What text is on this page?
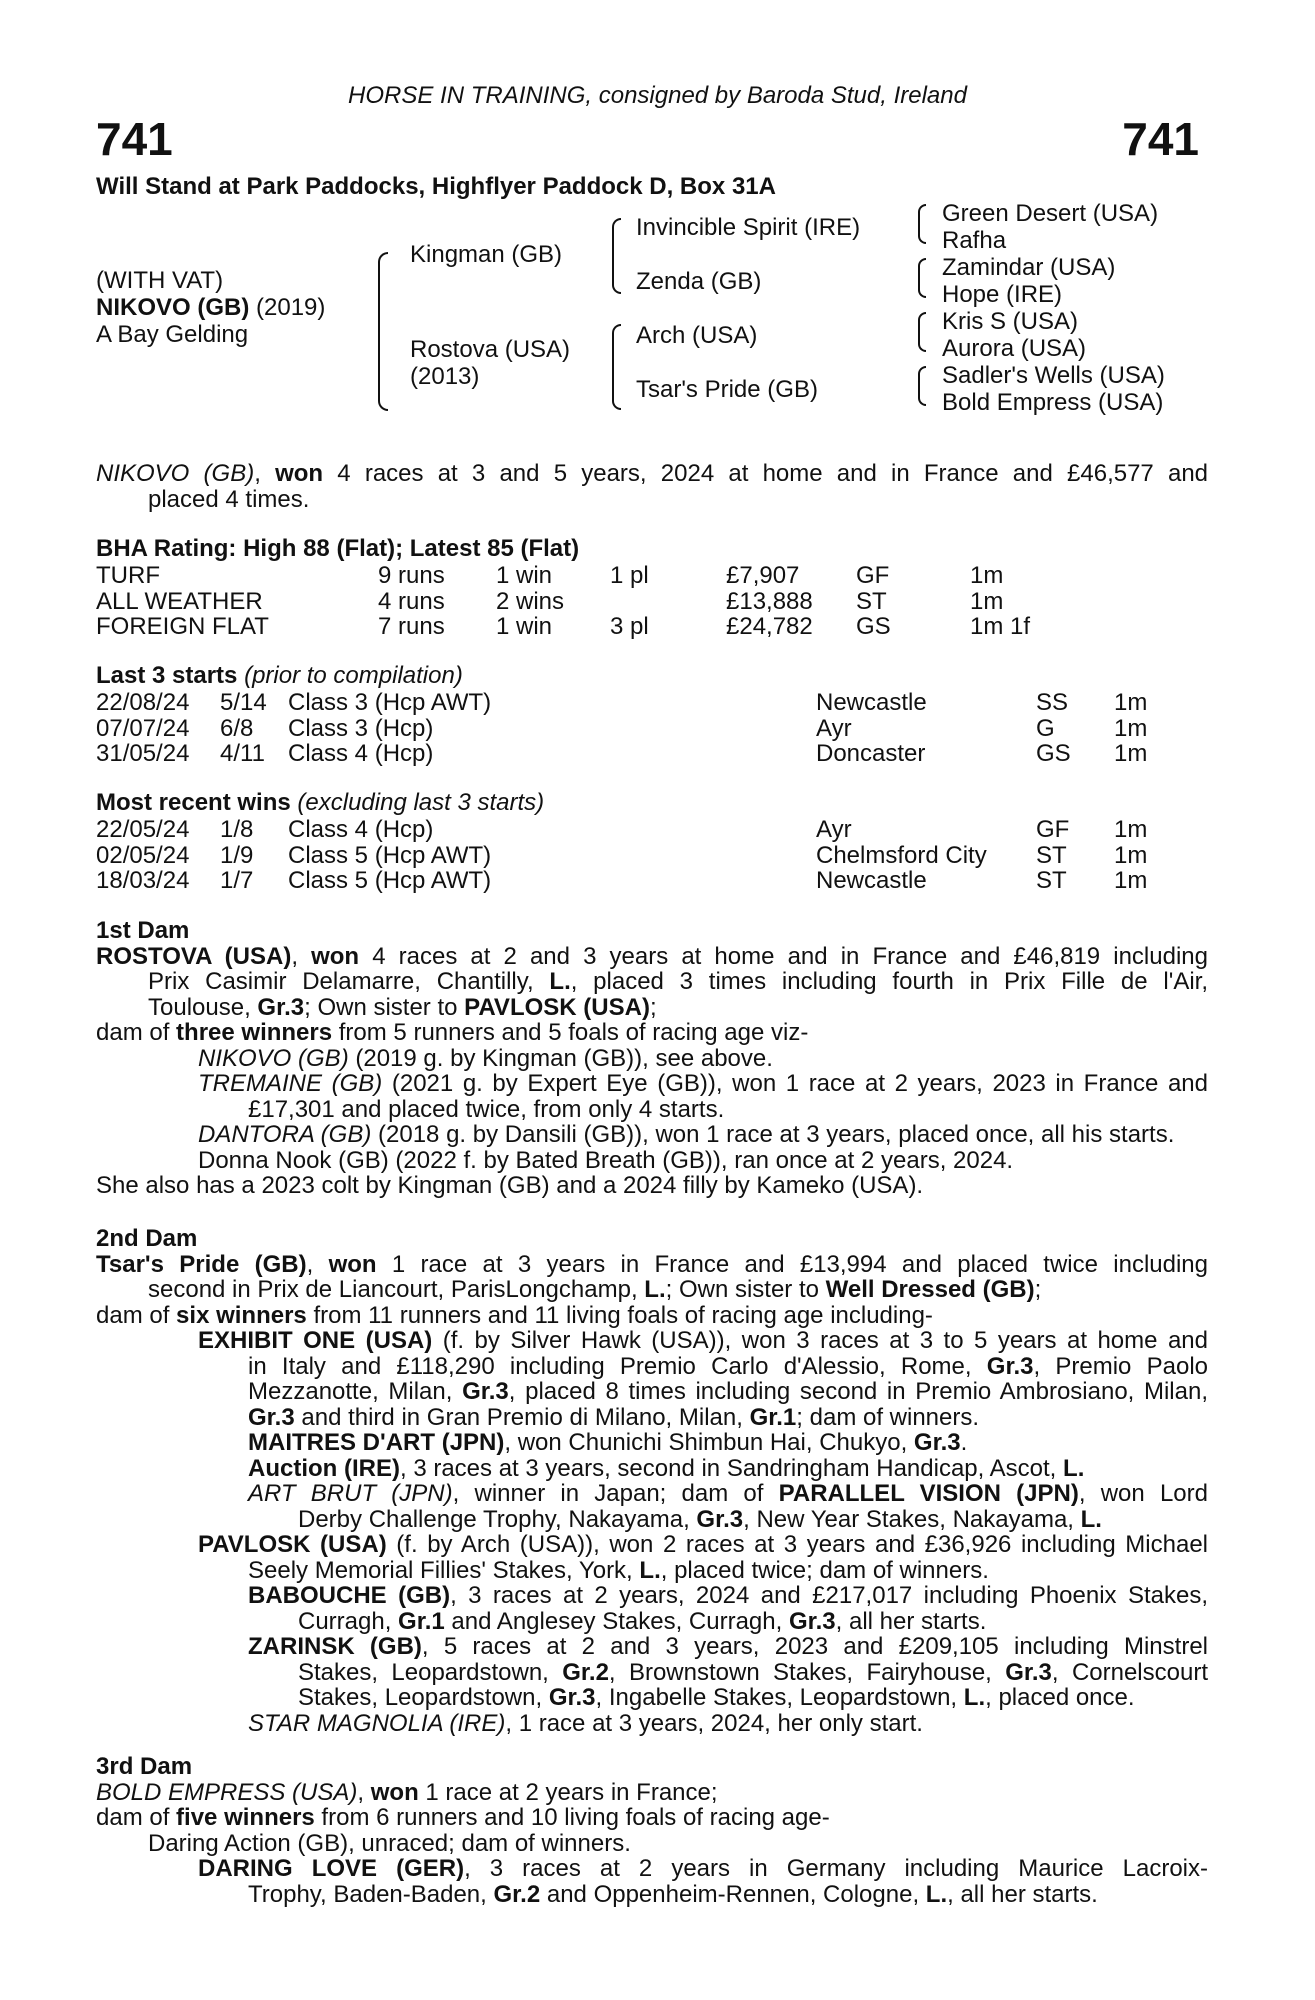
HORSE IN TRAINING, consigned by Baroda Stud, Ireland
741	741
Will Stand at Park Paddocks, Highflyer Paddock D, Box 31A
(WITH VAT)
NIKOVO (GB) (2019)
A Bay Gelding
Kingman (GB)
Rostova (USA)
(2013)
Invincible Spirit (IRE)
Zenda (GB)
Arch (USA)
Tsar's Pride (GB)
Green Desert (USA)
Rafha
Zamindar (USA)
Hope (IRE)
Kris S (USA)
Aurora (USA)
Sadler's Wells (USA)
Bold Empress (USA)
NIKOVO (GB), won 4 races at 3 and 5 years, 2024 at home and in France and £46,577 and
placed 4 times.
BHA Rating: High 88 (Flat); Latest 85 (Flat)
TURF	9 runs 1 win 1 pl	£7,907 GF	1m
ALL WEATHER	4 runs 2 wins	£13,888 ST	1m
FOREIGN FLAT	7 runs 1 win 3 pl	£24,782 GS	1m 1f
Last 3 starts (prior to compilation)
22/08/24 5/14 Class 3 (Hcp AWT)	Newcastle	SS 1m
07/07/24 6/8 Class 3 (Hcp)	Ayr	G 1m
31/05/24 4/11 Class 4 (Hcp)	Doncaster	GS 1m
Most recent wins (excluding last 3 starts)
22/05/24 1/8 Class 4 (Hcp)	Ayr	GF 1m
02/05/24 1/9 Class 5 (Hcp AWT)	Chelmsford City ST 1m
18/03/24 1/7 Class 5 (Hcp AWT)	Newcastle	ST 1m
1st Dam
ROSTOVA (USA), won 4 races at 2 and 3 years at home and in France and £46,819 including
Prix Casimir Delamarre, Chantilly, L., placed 3 times including fourth in Prix Fille de l'Air,
Toulouse, Gr.3; Own sister to PAVLOSK (USA);
dam of three winners from 5 runners and 5 foals of racing age viz-
NIKOVO (GB) (2019 g. by Kingman (GB)), see above.
TREMAINE (GB) (2021 g. by Expert Eye (GB)), won 1 race at 2 years, 2023 in France and
£17,301 and placed twice, from only 4 starts.
DANTORA (GB) (2018 g. by Dansili (GB)), won 1 race at 3 years, placed once, all his starts.
Donna Nook (GB) (2022 f. by Bated Breath (GB)), ran once at 2 years, 2024.
She also has a 2023 colt by Kingman (GB) and a 2024 filly by Kameko (USA).
2nd Dam
Tsar's Pride (GB), won 1 race at 3 years in France and £13,994 and placed twice including
second in Prix de Liancourt, ParisLongchamp, L.; Own sister to Well Dressed (GB);
dam of six winners from 11 runners and 11 living foals of racing age including-
EXHIBIT ONE (USA) (f. by Silver Hawk (USA)), won 3 races at 3 to 5 years at home and
in Italy and £118,290 including Premio Carlo d'Alessio, Rome, Gr.3, Premio Paolo
Mezzanotte, Milan, Gr.3, placed 8 times including second in Premio Ambrosiano, Milan,
Gr.3 and third in Gran Premio di Milano, Milan, Gr.1; dam of winners.
MAITRES D'ART (JPN), won Chunichi Shimbun Hai, Chukyo, Gr.3.
Auction (IRE), 3 races at 3 years, second in Sandringham Handicap, Ascot, L.
ART BRUT (JPN), winner in Japan; dam of PARALLEL VISION (JPN), won Lord
Derby Challenge Trophy, Nakayama, Gr.3, New Year Stakes, Nakayama, L.
PAVLOSK (USA) (f. by Arch (USA)), won 2 races at 3 years and £36,926 including Michael
Seely Memorial Fillies' Stakes, York, L., placed twice; dam of winners.
BABOUCHE (GB), 3 races at 2 years, 2024 and £217,017 including Phoenix Stakes,
Curragh, Gr.1 and Anglesey Stakes, Curragh, Gr.3, all her starts.
ZARINSK (GB), 5 races at 2 and 3 years, 2023 and £209,105 including Minstrel
Stakes, Leopardstown, Gr.2, Brownstown Stakes, Fairyhouse, Gr.3, Cornelscourt
Stakes, Leopardstown, Gr.3, Ingabelle Stakes, Leopardstown, L., placed once.
STAR MAGNOLIA (IRE), 1 race at 3 years, 2024, her only start.
3rd Dam
BOLD EMPRESS (USA), won 1 race at 2 years in France;
dam of five winners from 6 runners and 10 living foals of racing age-
Daring Action (GB), unraced; dam of winners.
DARING LOVE (GER), 3 races at 2 years in Germany including Maurice Lacroix-
Trophy, Baden-Baden, Gr.2 and Oppenheim-Rennen, Cologne, L., all her starts.
